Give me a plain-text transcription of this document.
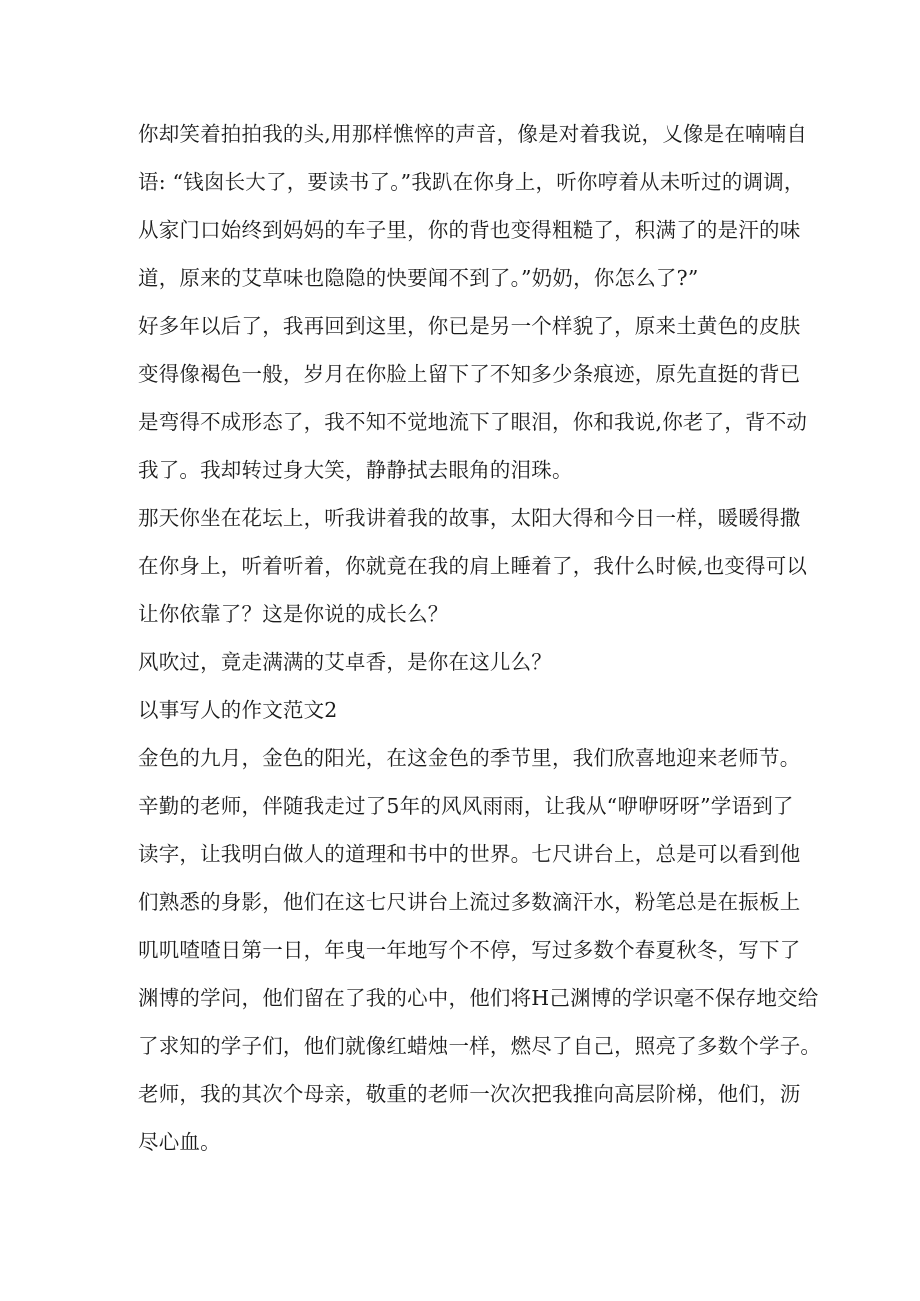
你却笑着拍拍我的头,用那样憔悴的声音，像是对着我说，乂像是在喃喃自
语: “钱囱长大了，要读书了。”我趴在你身上，听你哼着从未听过的调调，
从家门口始终到妈妈的车子里，你的背也变得粗糙了，积满了的是汗的味
道，原来的艾草味也隐隐的快要闻不到了。”奶奶，你怎么了?”
好多年以后了，我再回到这里，你已是另一个样貌了，原来土黄色的皮肤
变得像褐色一般，岁月在你脸上留下了不知多少条痕迹，原先直挺的背已
是弯得不成形态了，我不知不觉地流下了眼泪，你和我说,你老了，背不动
我了。我却转过身大笑，静静拭去眼角的泪珠。
那天你坐在花坛上，听我讲着我的故事，太阳大得和今日一样，暖暖得撒
在你身上，听着听着，你就竟在我的肩上睡着了，我什么时候,也变得可以
让你依靠了？这是你说的成长么？
风吹过，竟走满满的艾卓香，是你在这儿么？
以事写人的作文范文2
金色的九月，金色的阳光，在这金色的季节里，我们欣喜地迎来老师节。
辛勤的老师，伴随我走过了5年的风风雨雨，让我从“咿咿呀呀”学语到了
读字，让我明白做人的道理和书中的世界。七尺讲台上，总是可以看到他
们熟悉的身影，他们在这七尺讲台上流过多数滴汗水，粉笔总是在振板上
叽叽喳喳日第一日，年曳一年地写个不停，写过多数个春夏秋冬，写下了
渊博的学问，他们留在了我的心中，他们将H己渊博的学识毫不保存地交给
了求知的学子们，他们就像红蜡烛一样，燃尽了自己，照亮了多数个学子。
老师，我的其次个母亲，敬重的老师一次次把我推向高层阶梯，他们，沥
尽心血。
